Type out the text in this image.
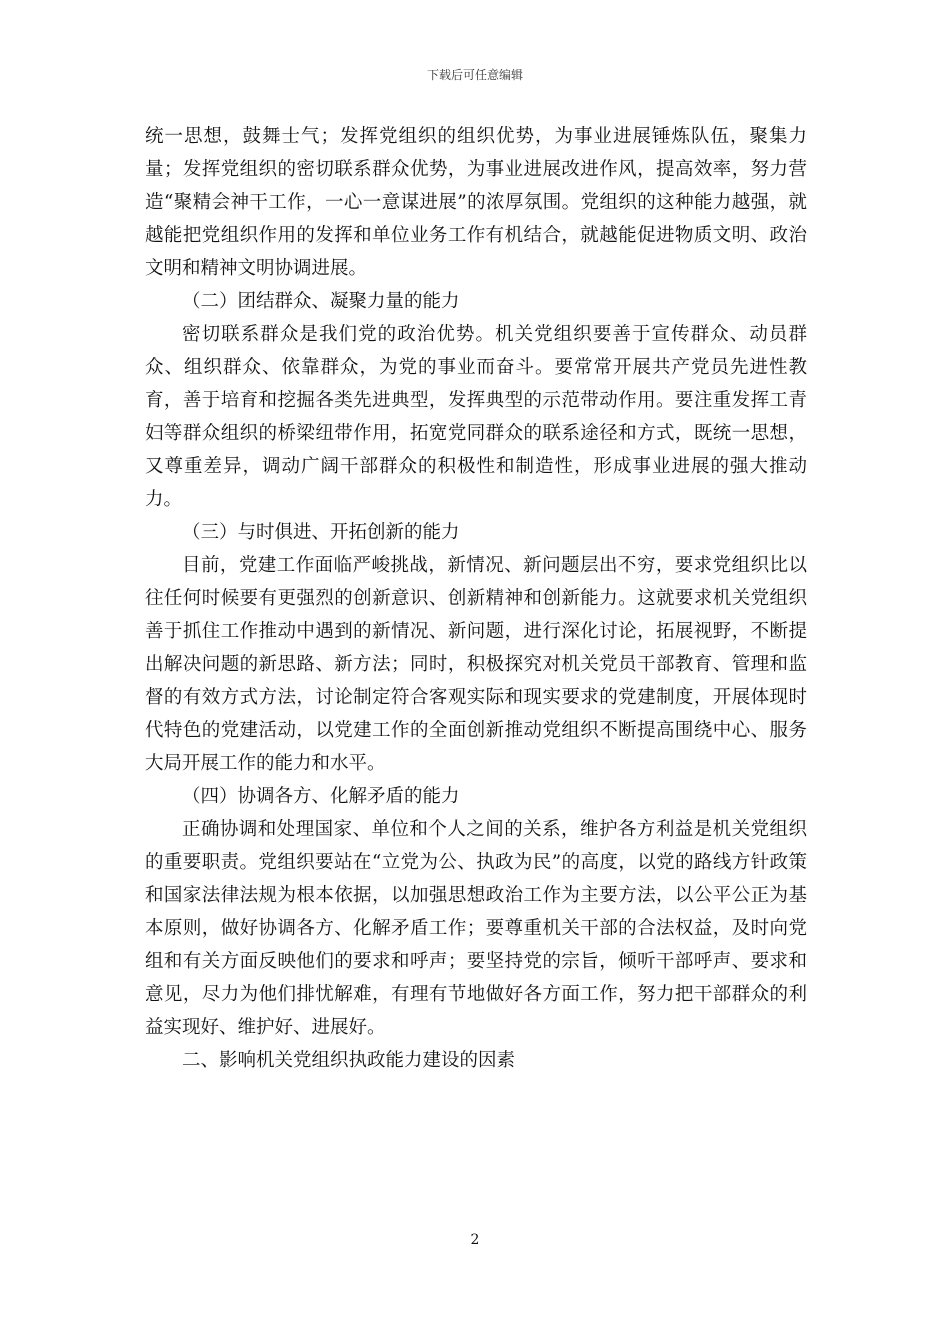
下载后可任意编辑

统一思想，鼓舞士气；发挥党组织的组织优势，为事业进展锤炼队伍，聚集力量；发挥党组织的密切联系群众优势，为事业进展改进作风，提高效率，努力营造“聚精会神干工作，一心一意谋进展”的浓厚氛围。党组织的这种能力越强，就越能把党组织作用的发挥和单位业务工作有机结合，就越能促进物质文明、政治文明和精神文明协调进展。

（二）团结群众、凝聚力量的能力

密切联系群众是我们党的政治优势。机关党组织要善于宣传群众、动员群众、组织群众、依靠群众，为党的事业而奋斗。要常常开展共产党员先进性教育，善于培育和挖掘各类先进典型，发挥典型的示范带动作用。要注重发挥工青妇等群众组织的桥梁纽带作用，拓宽党同群众的联系途径和方式，既统一思想，又尊重差异，调动广阔干部群众的积极性和制造性，形成事业进展的强大推动力。

（三）与时俱进、开拓创新的能力

目前，党建工作面临严峻挑战，新情况、新问题层出不穷，要求党组织比以往任何时候要有更强烈的创新意识、创新精神和创新能力。这就要求机关党组织善于抓住工作推动中遇到的新情况、新问题，进行深化讨论，拓展视野，不断提出解决问题的新思路、新方法；同时，积极探究对机关党员干部教育、管理和监督的有效方式方法，讨论制定符合客观实际和现实要求的党建制度，开展体现时代特色的党建活动，以党建工作的全面创新推动党组织不断提高围绕中心、服务大局开展工作的能力和水平。

（四）协调各方、化解矛盾的能力

正确协调和处理国家、单位和个人之间的关系，维护各方利益是机关党组织的重要职责。党组织要站在“立党为公、执政为民”的高度，以党的路线方针政策和国家法律法规为根本依据，以加强思想政治工作为主要方法，以公平公正为基本原则，做好协调各方、化解矛盾工作；要尊重机关干部的合法权益，及时向党组和有关方面反映他们的要求和呼声；要坚持党的宗旨，倾听干部呼声、要求和意见，尽力为他们排忧解难，有理有节地做好各方面工作，努力把干部群众的利益实现好、维护好、进展好。

二、影响机关党组织执政能力建设的因素

2
